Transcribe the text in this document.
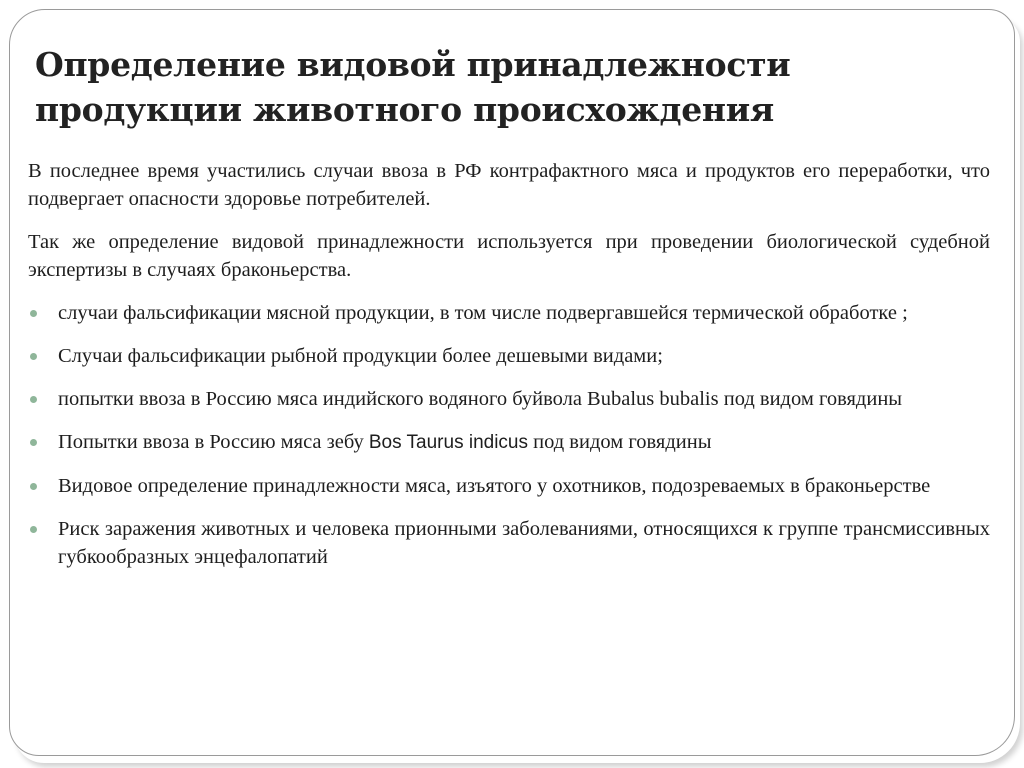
Определение видовой принадлежности продукции животного происхождения

В последнее время участились случаи ввоза в РФ контрафактного мяса и продуктов его переработки, что подвергает опасности здоровье потребителей.

Так же определение видовой принадлежности используется при проведении биологической судебной экспертизы в случаях браконьерства.

случаи фальсификации мясной продукции, в том числе подвергавшейся термической обработке ;
Случаи фальсификации рыбной продукции более дешевыми видами;
попытки ввоза в Россию мяса индийского водяного буйвола Bubalus bubalis под видом говядины
Попытки ввоза в Россию мяса зебу Bos Taurus indicus под видом говядины
Видовое определение принадлежности мяса, изъятого у охотников, подозреваемых в браконьерстве
Риск заражения животных и человека прионными заболеваниями, относящихся к группе трансмиссивных губкообразных энцефалопатий
